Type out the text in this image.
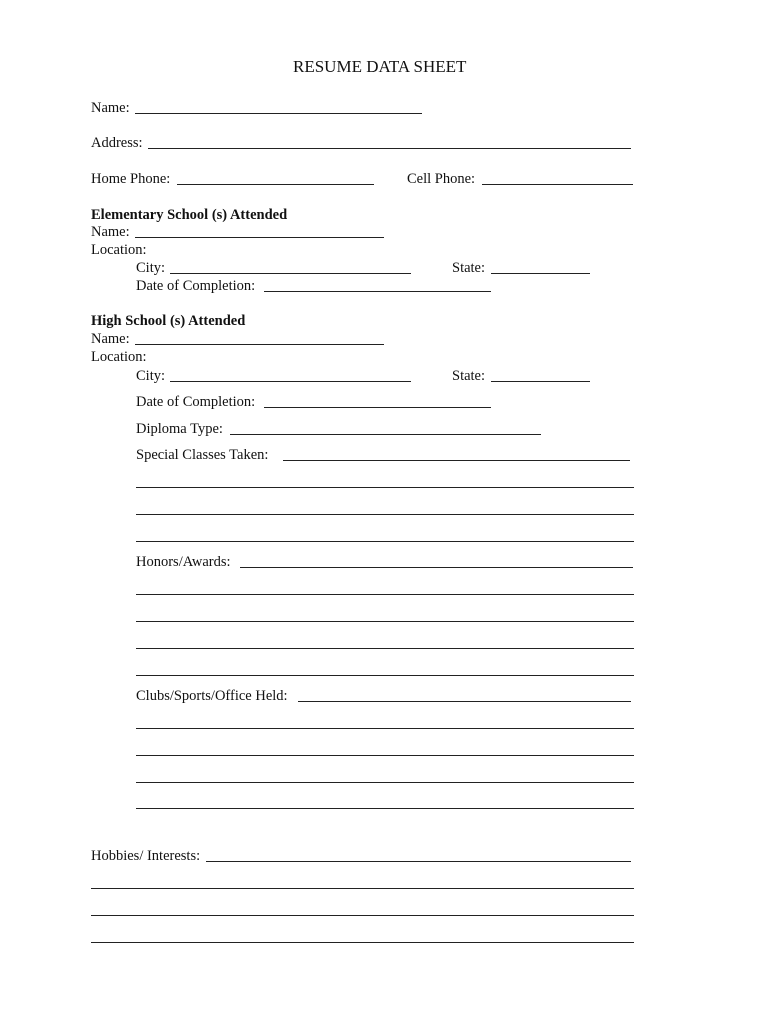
RESUME DATA SHEET
Name:
Address:
Home Phone:	Cell Phone:
Elementary School (s) Attended
Name:
Location:
City:	State:
Date of Completion:
High School (s) Attended
Name:
Location:
City:	State:
Date of Completion:
Diploma Type:
Special Classes Taken:
Honors/Awards:
Clubs/Sports/Office Held:
Hobbies/ Interests:
